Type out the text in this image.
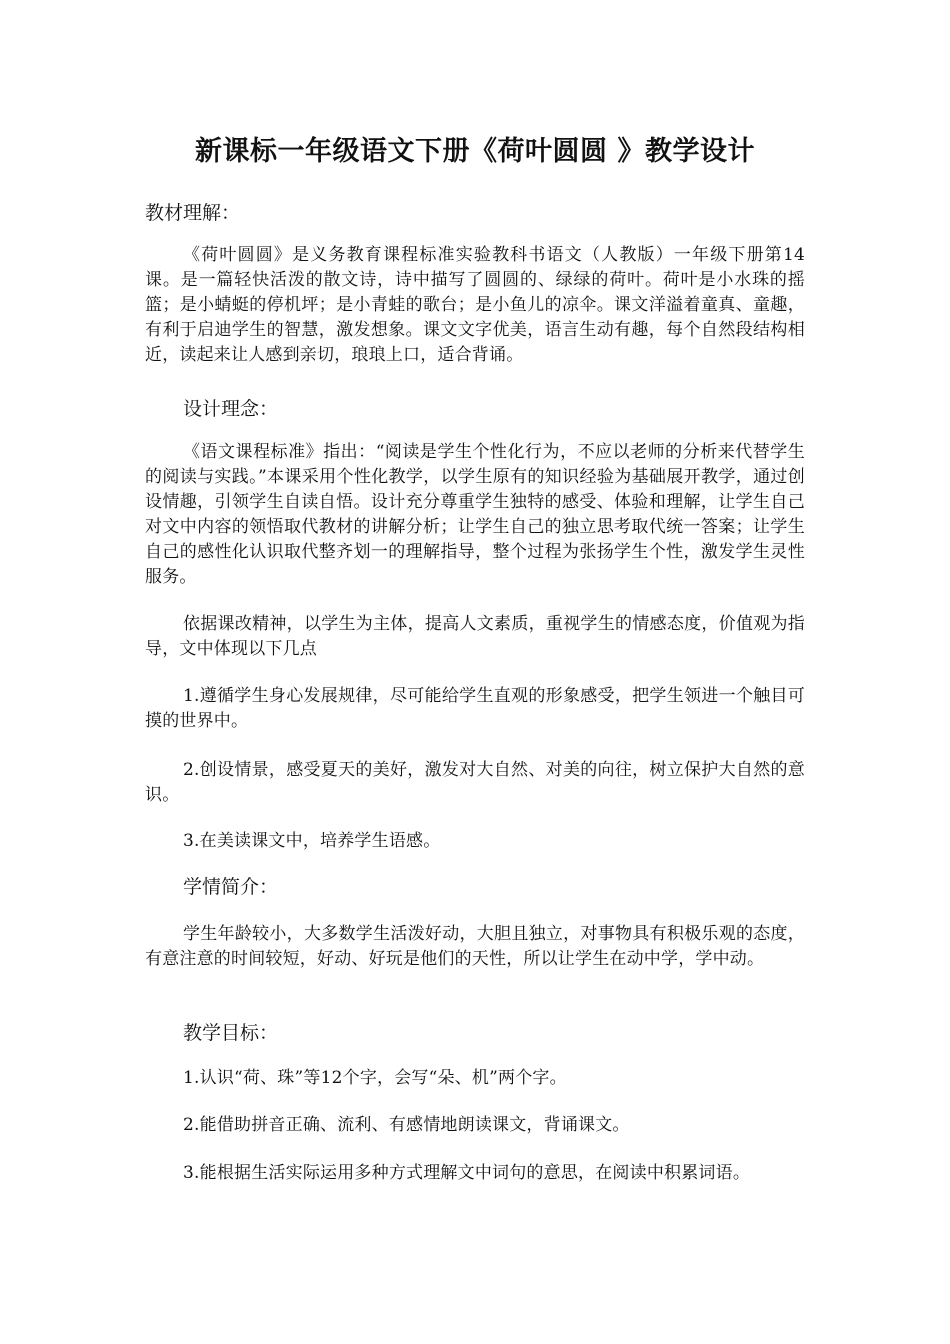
新课标一年级语文下册《荷叶圆圆 》教学设计
教材理解：

《荷叶圆圆》是义务教育课程标准实验教科书语文（人教版）一年级下册第14课。是一篇轻快活泼的散文诗，诗中描写了圆圆的、绿绿的荷叶。荷叶是小水珠的摇篮；是小蜻蜓的停机坪；是小青蛙的歌台；是小鱼儿的凉伞。课文洋溢着童真、童趣，有利于启迪学生的智慧，激发想象。课文文字优美，语言生动有趣，每个自然段结构相近，读起来让人感到亲切，琅琅上口，适合背诵。

设计理念：

《语文课程标准》指出：“阅读是学生个性化行为，不应以老师的分析来代替学生的阅读与实践。”本课采用个性化教学，以学生原有的知识经验为基础展开教学，通过创设情趣，引领学生自读自悟。设计充分尊重学生独特的感受、体验和理解，让学生自己对文中内容的领悟取代教材的讲解分析；让学生自己的独立思考取代统一答案；让学生自己的感性化认识取代整齐划一的理解指导，整个过程为张扬学生个性，激发学生灵性服务。

依据课改精神，以学生为主体，提高人文素质，重视学生的情感态度，价值观为指导，文中体现以下几点

1.遵循学生身心发展规律，尽可能给学生直观的形象感受，把学生领进一个触目可摸的世界中。

2.创设情景，感受夏天的美好，激发对大自然、对美的向往，树立保护大自然的意识。

3.在美读课文中，培养学生语感。

学情简介：

学生年龄较小，大多数学生活泼好动，大胆且独立，对事物具有积极乐观的态度，有意注意的时间较短，好动、好玩是他们的天性，所以让学生在动中学，学中动。

教学目标：

1.认识“荷、珠”等12个字，会写“朵、机”两个字。

2.能借助拼音正确、流利、有感情地朗读课文，背诵课文。

3.能根据生活实际运用多种方式理解文中词句的意思，在阅读中积累词语。
